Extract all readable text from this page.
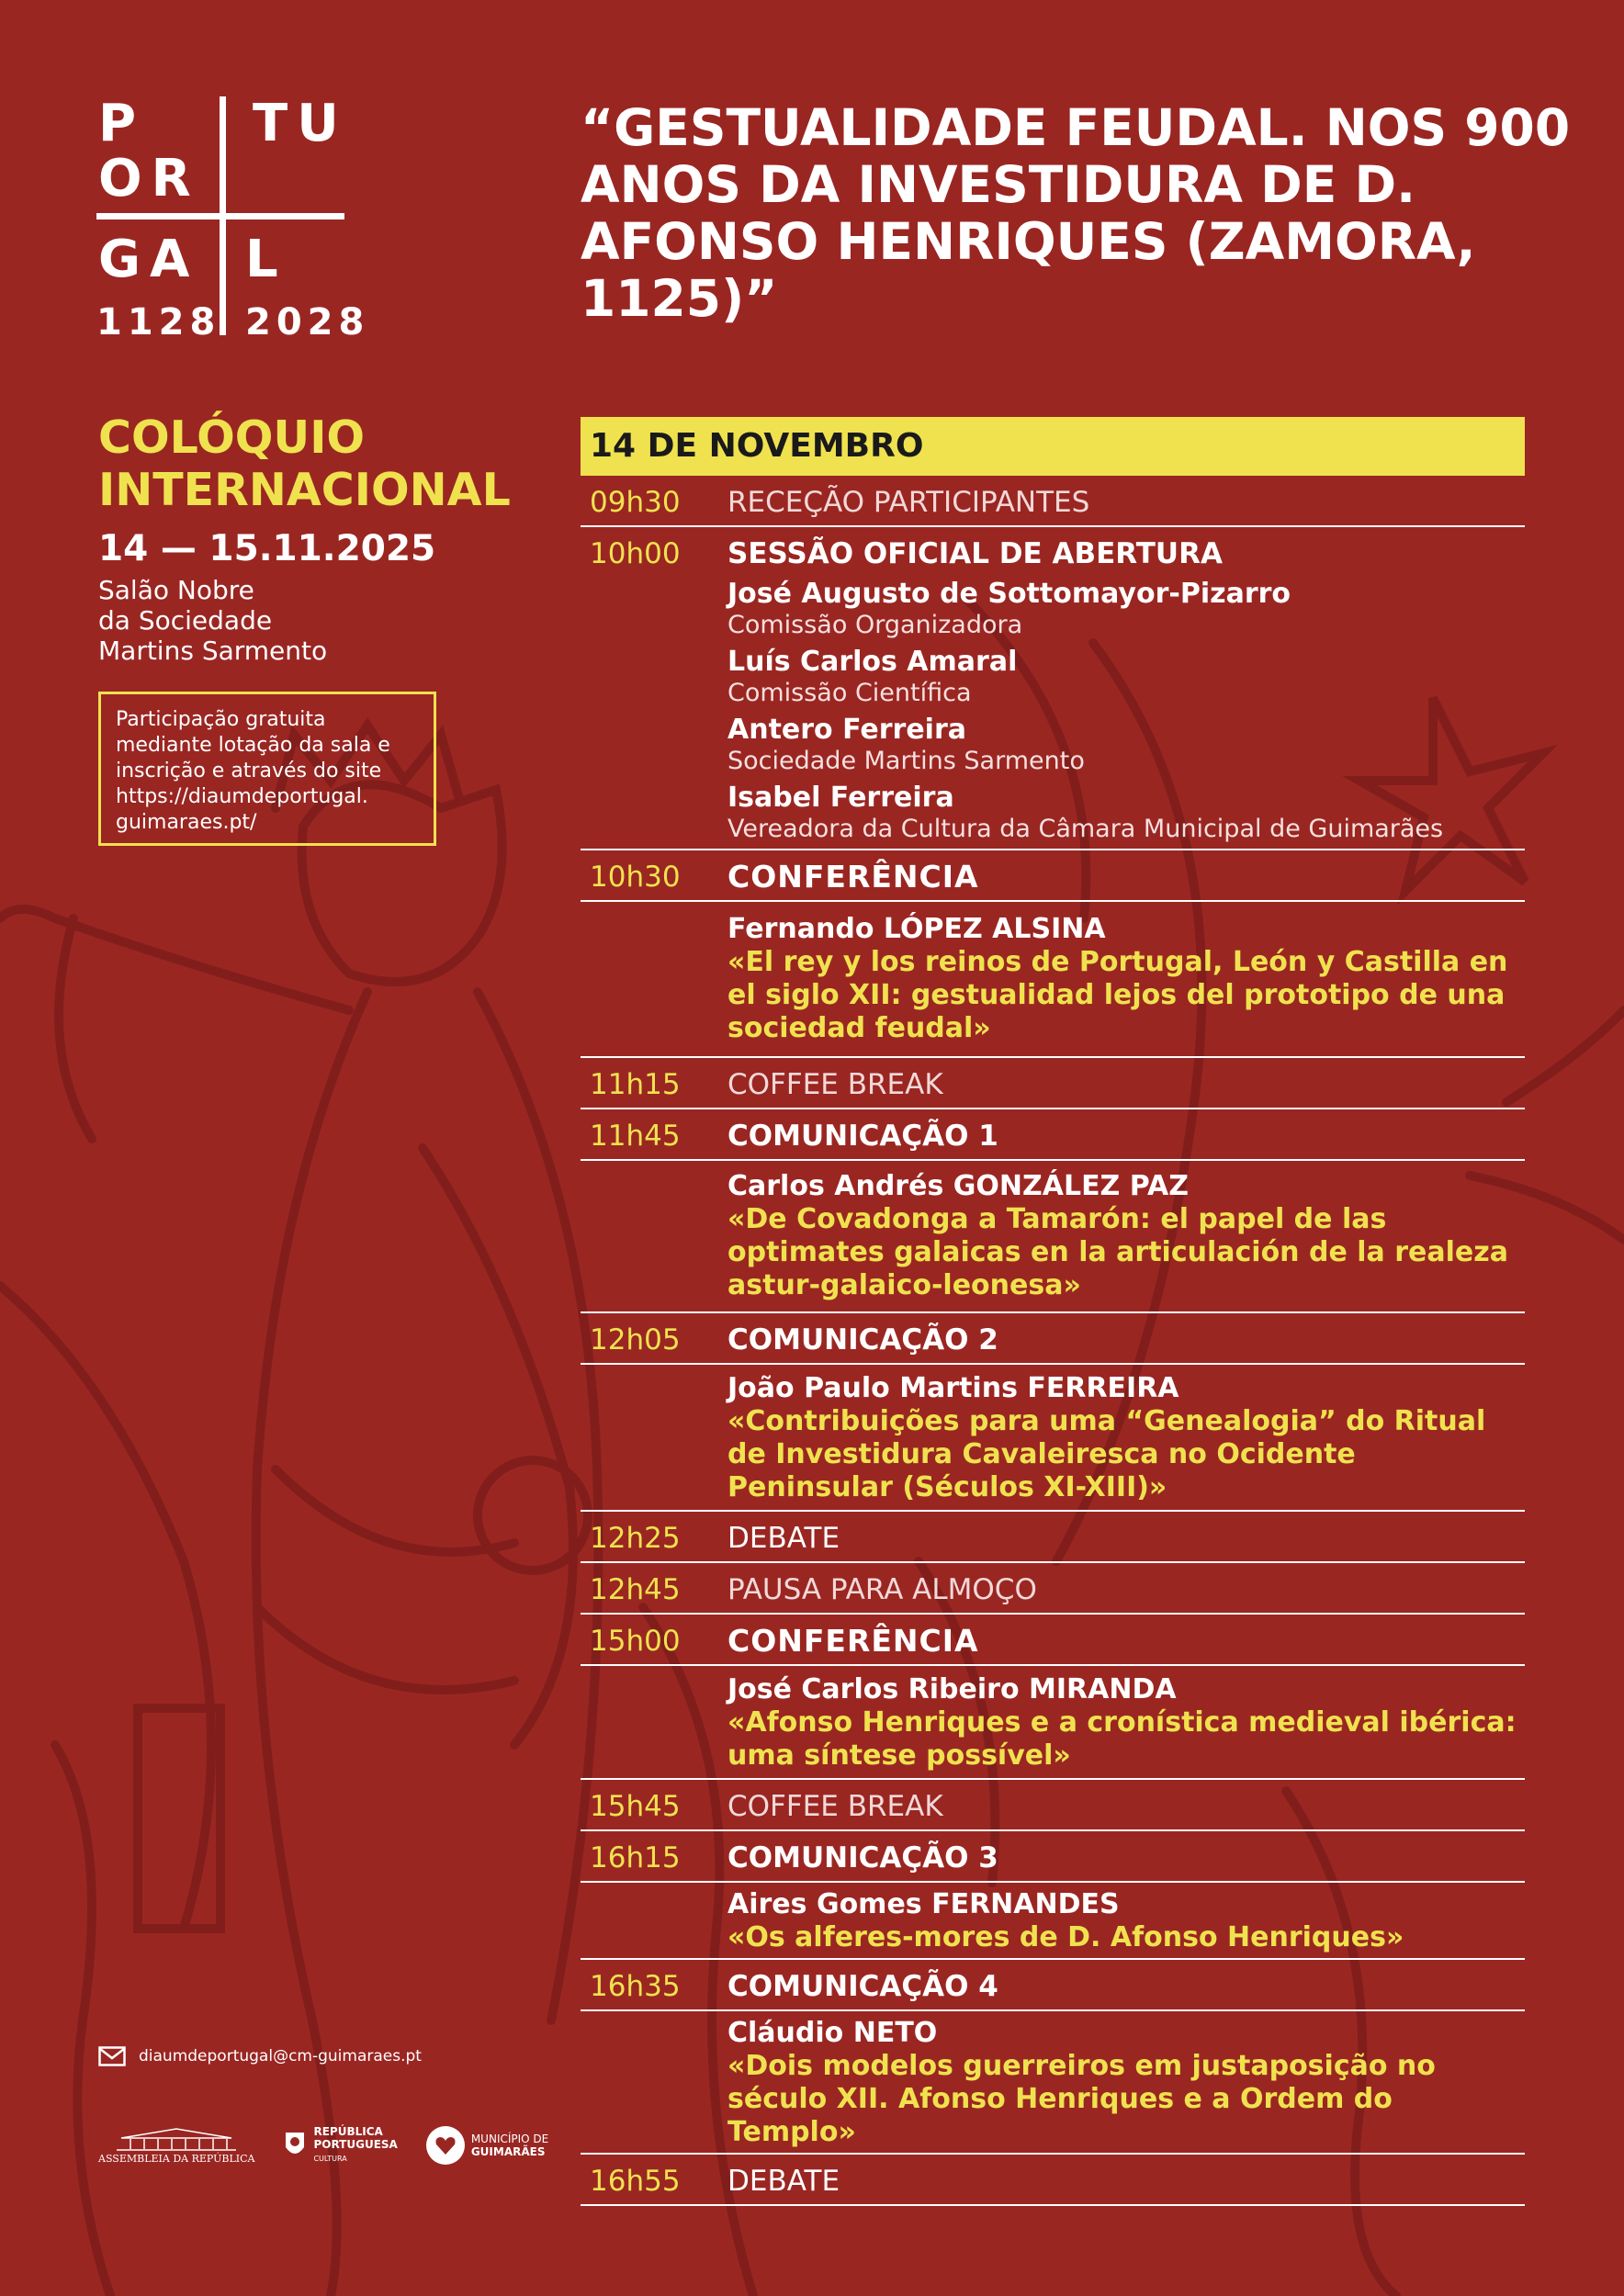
P TU
OR
GA L
1128 2028
“GESTUALIDADE FEUDAL. NOS 900 ANOS DA INVESTIDURA DE D. AFONSO HENRIQUES (ZAMORA, 1125)”

COLÓQUIO
INTERNACIONAL

14 — 15.11.2025
Salão Nobre
da Sociedade
Martins Sarmento
Participação gratuita
mediante lotação da sala e
inscrição e através do site
https://diaumdeportugal.
guimaraes.pt/
diaumdeportugal@cm-guimaraes.pt
ASSEMBLEIA DA REPÚBLICA
REPÚBLICA
PORTUGUESA
CULTURA
MUNICÍPIO DE
GUIMARÃES
14 DE NOVEMBRO
09h30	RECEÇÃO PARTICIPANTES
10h00	SESSÃO OFICIAL DE ABERTURA
José Augusto de Sottomayor-Pizarro
Comissão Organizadora
Luís Carlos Amaral
Comissão Científica
Antero Ferreira
Sociedade Martins Sarmento
Isabel Ferreira
Vereadora da Cultura da Câmara Municipal de Guimarães
10h30	CONFERÊNCIA
Fernando LÓPEZ ALSINA
«El rey y los reinos de Portugal, León y Castilla en
el siglo XII: gestualidad lejos del prototipo de una
sociedad feudal»
11h15	COFFEE BREAK
11h45	COMUNICAÇÃO 1
Carlos Andrés GONZÁLEZ PAZ
«De Covadonga a Tamarón: el papel de las
optimates galaicas en la articulación de la realeza
astur-galaico-leonesa»
12h05	COMUNICAÇÃO 2
João Paulo Martins FERREIRA
«Contribuições para uma “Genealogia” do Ritual
de Investidura Cavaleiresca no Ocidente
Peninsular (Séculos XI-XIII)»
12h25	DEBATE
12h45	PAUSA PARA ALMOÇO
15h00	CONFERÊNCIA
José Carlos Ribeiro MIRANDA
«Afonso Henriques e a cronística medieval ibérica:
uma síntese possível»
15h45	COFFEE BREAK
16h15	COMUNICAÇÃO 3
Aires Gomes FERNANDES
«Os alferes-mores de D. Afonso Henriques»
16h35	COMUNICAÇÃO 4
Cláudio NETO
«Dois modelos guerreiros em justaposição no
século XII. Afonso Henriques e a Ordem do
Templo»
16h55	DEBATE
